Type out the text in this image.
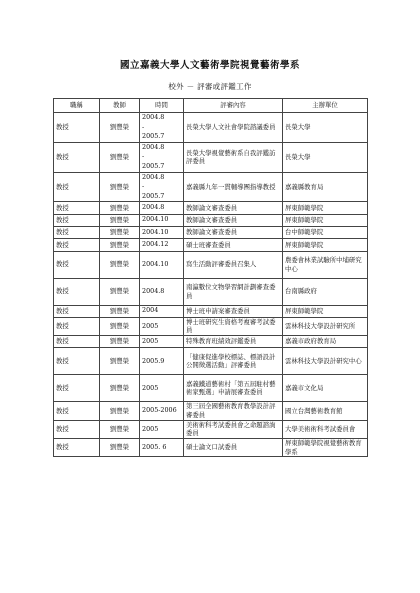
國立嘉義大學人文藝術學院視覺藝術學系
校外 － 評審或評鑑工作
職稱	教師	時間	評審內容	主辦單位
教授	劉豐榮	2004.8
-
2005.7	長榮大學人文社會學院諮議委員	長榮大學
教授	劉豐榮	2004.8
-
2005.7	長榮大學視覺藝術系自我評鑑訪評委員	長榮大學
教授	劉豐榮	2004.8
-
2005.7	嘉義縣九年一貫輔導團指導教授	嘉義縣教育局
教授	劉豐榮	2004.8	教師論文審查委員	屏東師範學院
教授	劉豐榮	2004.10	教師論文審查委員	屏東師範學院
教授	劉豐榮	2004.10	教師論文審查委員	台中師範學院
教授	劉豐榮	2004.12	碩士班審查委員	屏東師範學院
教授	劉豐榮	2004.10	寫生活動評審委員召集人	農委會林業試驗所中埔研究中心
教授	劉豐榮	2004.8	南瀛數位文物學習網計劃審查委員	台南縣政府
教授	劉豐榮	2004	博士班申請案審查委員	屏東師範學院
教授	劉豐榮	2005	博士班研究生資格考複審考試委員	雲林科技大學設計研究所
教授	劉豐榮	2005	特殊教育班績效評鑑委員	嘉義市政府教育局
教授	劉豐榮	2005.9	「健康促進學校標誌、標語設計公開徵選活動」評審委員	雲林科技大學設計研究中心
教授	劉豐榮	2005	嘉義鐵道藝術村「第五屆駐村藝術家甄選」申請展審查委員	嘉義市文化局
教授	劉豐榮	2005-2006	第三屆全國藝術教育教學設計評審委員	國立台灣藝術教育館
教授	劉豐榮	2005	美術術科考試委員會之命題諮詢委員	大學美術術科考試委員會
教授	劉豐榮	2005. 6	碩士論文口試委員	屏東師範學院視覺藝術教育學系
